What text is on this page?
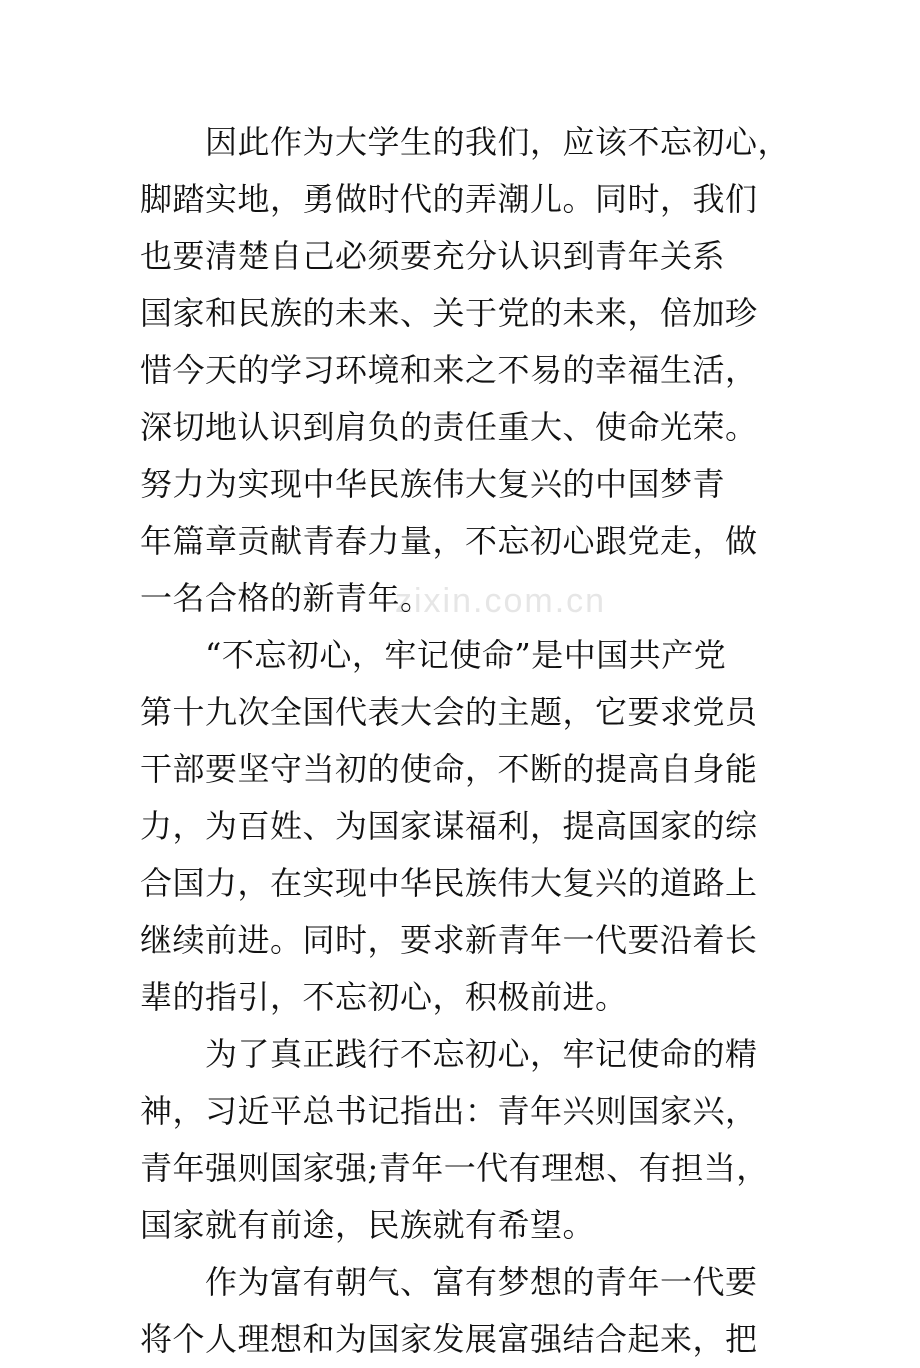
zixin.com.cn
　　因此作为大学生的我们，应该不忘初心，
脚踏实地，勇做时代的弄潮儿。同时，我们
也要清楚自己必须要充分认识到青年关系
国家和民族的未来、关于党的未来，倍加珍
惜今天的学习环境和来之不易的幸福生活，
深切地认识到肩负的责任重大、使命光荣。
努力为实现中华民族伟大复兴的中国梦青
年篇章贡献青春力量，不忘初心跟党走，做
一名合格的新青年。
　　“不忘初心，牢记使命”是中国共产党
第十九次全国代表大会的主题，它要求党员
干部要坚守当初的使命，不断的提高自身能
力，为百姓、为国家谋福利，提高国家的综
合国力，在实现中华民族伟大复兴的道路上
继续前进。同时，要求新青年一代要沿着长
辈的指引，不忘初心，积极前进。
　　为了真正践行不忘初心，牢记使命的精
神，习近平总书记指出：青年兴则国家兴，
青年强则国家强;青年一代有理想、有担当，
国家就有前途，民族就有希望。
　　作为富有朝气、富有梦想的青年一代要
将个人理想和为国家发展富强结合起来，把
